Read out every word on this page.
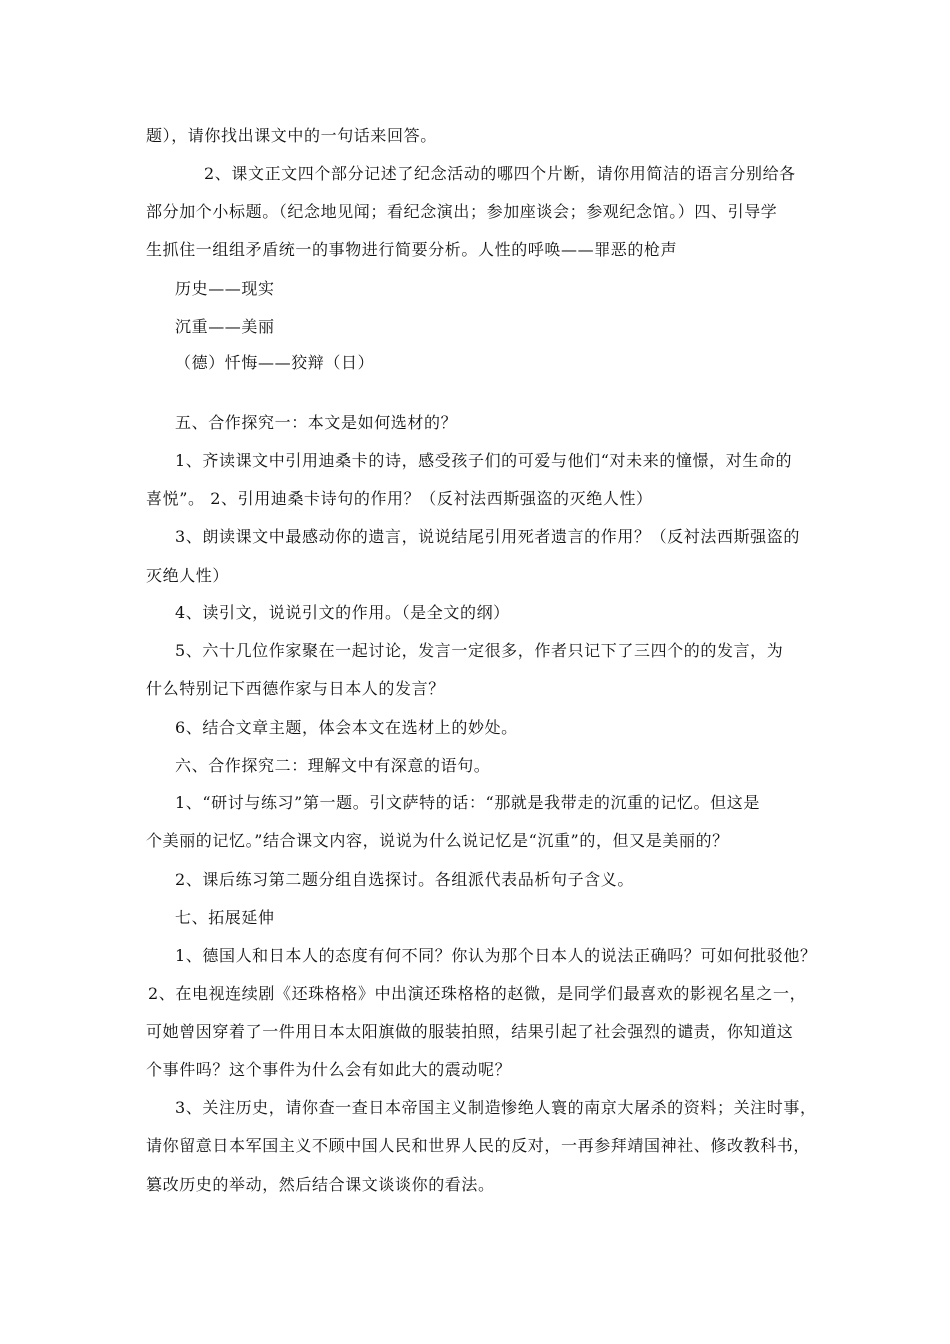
题），请你找出课文中的一句话来回答。
2、课文正文四个部分记述了纪念活动的哪四个片断，请你用简洁的语言分别给各
部分加个小标题。（纪念地见闻；看纪念演出；参加座谈会；参观纪念馆。）四、引导学
生抓住一组组矛盾统一的事物进行简要分析。人性的呼唤——罪恶的枪声
历史——现实
沉重——美丽
（德）忏悔——狡辩（日）
五、合作探究一：本文是如何选材的？
1、齐读课文中引用迪桑卡的诗，感受孩子们的可爱与他们“对未来的憧憬，对生命的
喜悦”。 2、引用迪桑卡诗句的作用？（反衬法西斯强盗的灭绝人性）
3、朗读课文中最感动你的遗言，说说结尾引用死者遗言的作用？（反衬法西斯强盗的
灭绝人性）
4、读引文，说说引文的作用。（是全文的纲）
5、六十几位作家聚在一起讨论，发言一定很多，作者只记下了三四个的的发言，为
什么特别记下西德作家与日本人的发言？
6、结合文章主题，体会本文在选材上的妙处。
六、合作探究二：理解文中有深意的语句。
1、“研讨与练习”第一题。引文萨特的话：“那就是我带走的沉重的记忆。但这是
个美丽的记忆。”结合课文内容，说说为什么说记忆是“沉重”的，但又是美丽的？
2、课后练习第二题分组自选探讨。各组派代表品析句子含义。
七、拓展延伸
1、德国人和日本人的态度有何不同？你认为那个日本人的说法正确吗？可如何批驳他？
2、在电视连续剧《还珠格格》中出演还珠格格的赵微，是同学们最喜欢的影视名星之一，
可她曾因穿着了一件用日本太阳旗做的服装拍照，结果引起了社会强烈的谴责，你知道这
个事件吗？这个事件为什么会有如此大的震动呢？
3、关注历史，请你查一查日本帝国主义制造惨绝人寰的南京大屠杀的资料；关注时事，
请你留意日本军国主义不顾中国人民和世界人民的反对，一再参拜靖国神社、修改教科书，
篡改历史的举动，然后结合课文谈谈你的看法。
